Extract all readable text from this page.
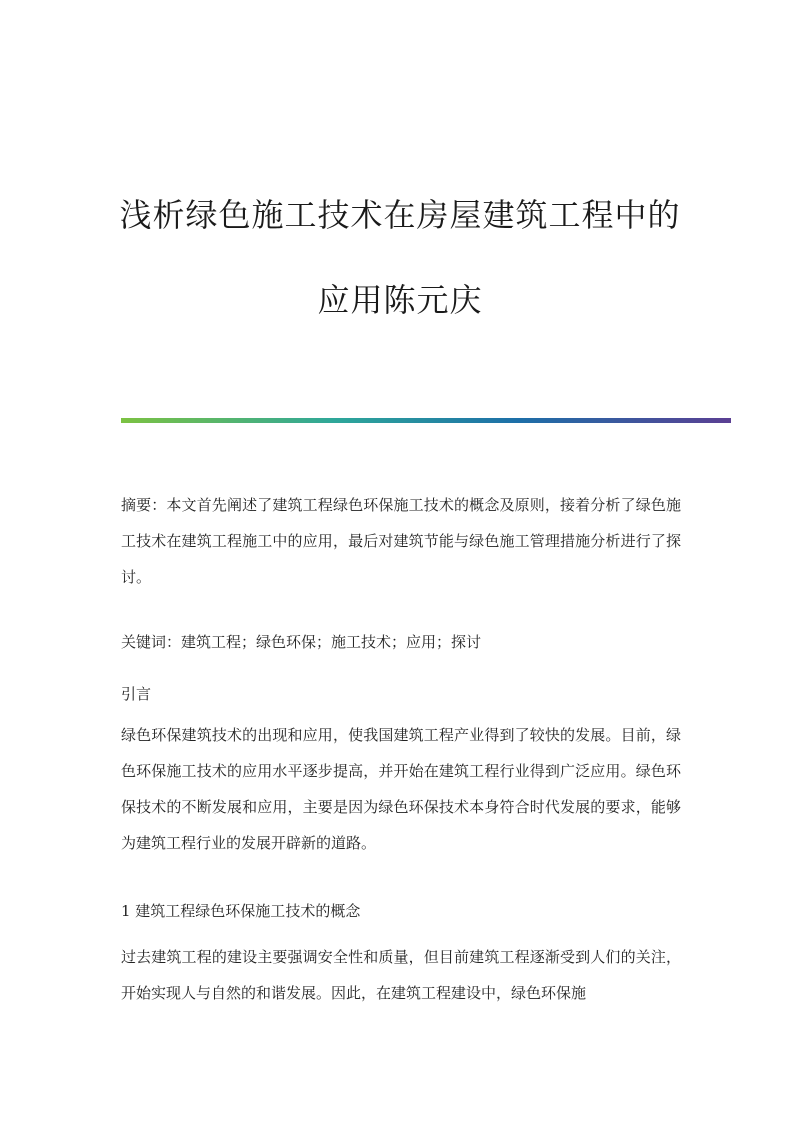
浅析绿色施工技术在房屋建筑工程中的
应用陈元庆

摘要：本文首先阐述了建筑工程绿色环保施工技术的概念及原则，接着分析了绿色施工技术在建筑工程施工中的应用，最后对建筑节能与绿色施工管理措施分析进行了探讨。

关键词：建筑工程；绿色环保；施工技术；应用；探讨

引言

绿色环保建筑技术的出现和应用，使我国建筑工程产业得到了较快的发展。目前，绿色环保施工技术的应用水平逐步提高，并开始在建筑工程行业得到广泛应用。绿色环保技术的不断发展和应用，主要是因为绿色环保技术本身符合时代发展的要求，能够为建筑工程行业的发展开辟新的道路。

1 建筑工程绿色环保施工技术的概念

过去建筑工程的建设主要强调安全性和质量，但目前建筑工程逐渐受到人们的关注，开始实现人与自然的和谐发展。因此，在建筑工程建设中，绿色环保施
